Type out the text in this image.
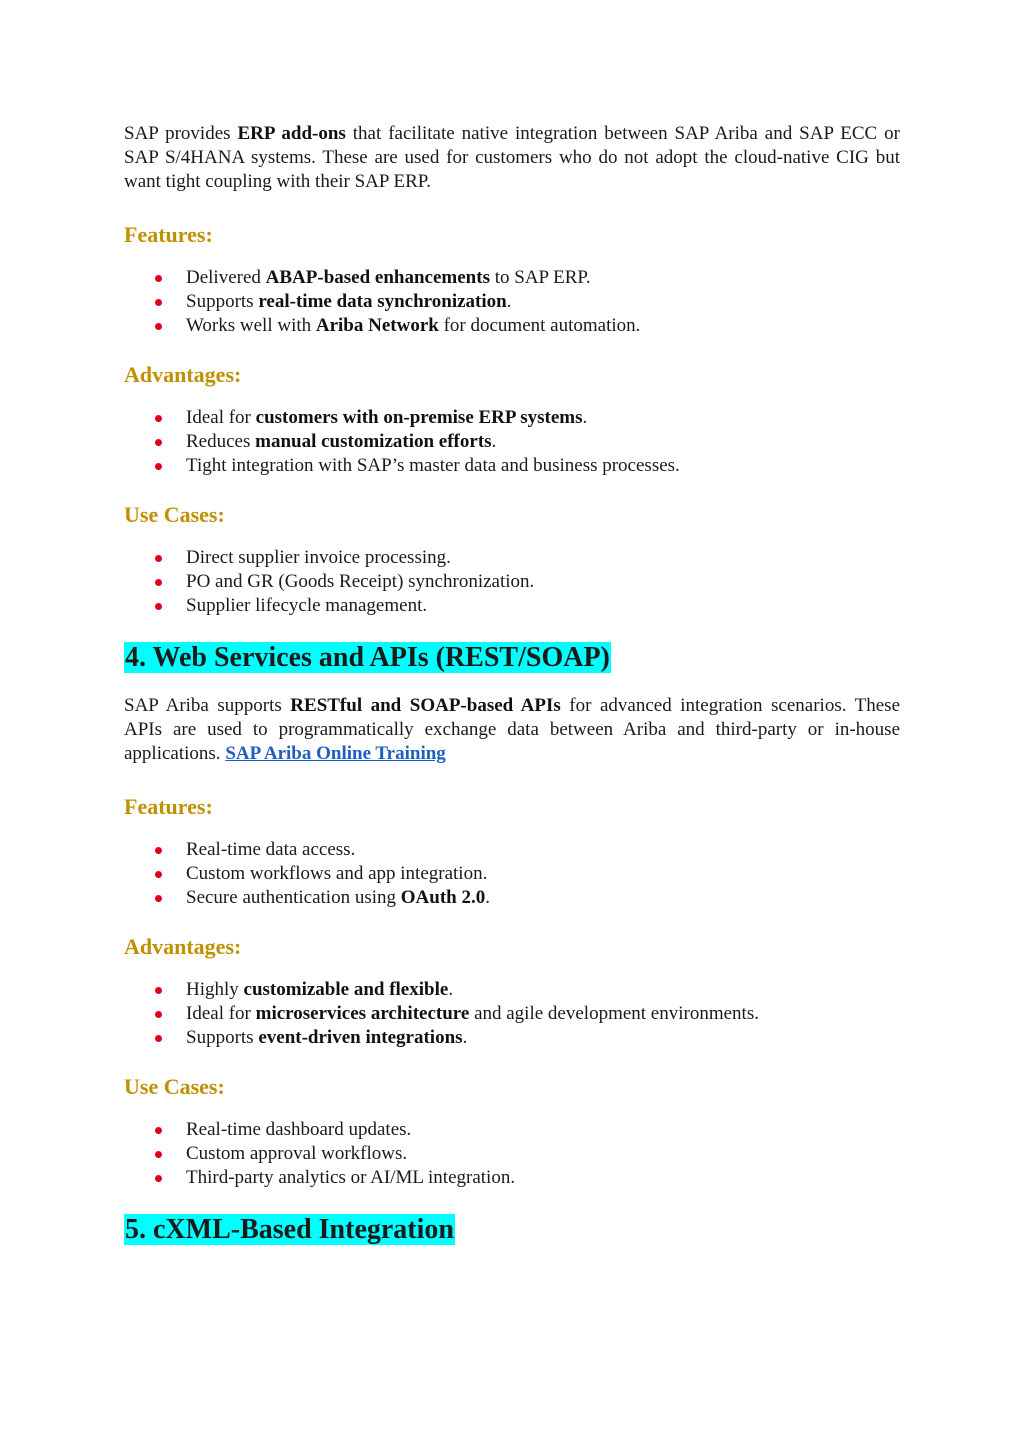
SAP provides ERP add-ons that facilitate native integration between SAP Ariba and SAP ECC or SAP S/4HANA systems. These are used for customers who do not adopt the cloud-native CIG but want tight coupling with their SAP ERP.

Features:
Delivered ABAP-based enhancements to SAP ERP.
Supports real-time data synchronization.
Works well with Ariba Network for document automation.
Advantages:
Ideal for customers with on-premise ERP systems.
Reduces manual customization efforts.
Tight integration with SAP’s master data and business processes.
Use Cases:
Direct supplier invoice processing.
PO and GR (Goods Receipt) synchronization.
Supplier lifecycle management.
4. Web Services and APIs (REST/SOAP)

SAP Ariba supports RESTful and SOAP-based APIs for advanced integration scenarios. These APIs are used to programmatically exchange data between Ariba and third-party or in-house applications. SAP Ariba Online Training

Features:
Real-time data access.
Custom workflows and app integration.
Secure authentication using OAuth 2.0.
Advantages:
Highly customizable and flexible.
Ideal for microservices architecture and agile development environments.
Supports event-driven integrations.
Use Cases:
Real-time dashboard updates.
Custom approval workflows.
Third-party analytics or AI/ML integration.
5. cXML-Based Integration
